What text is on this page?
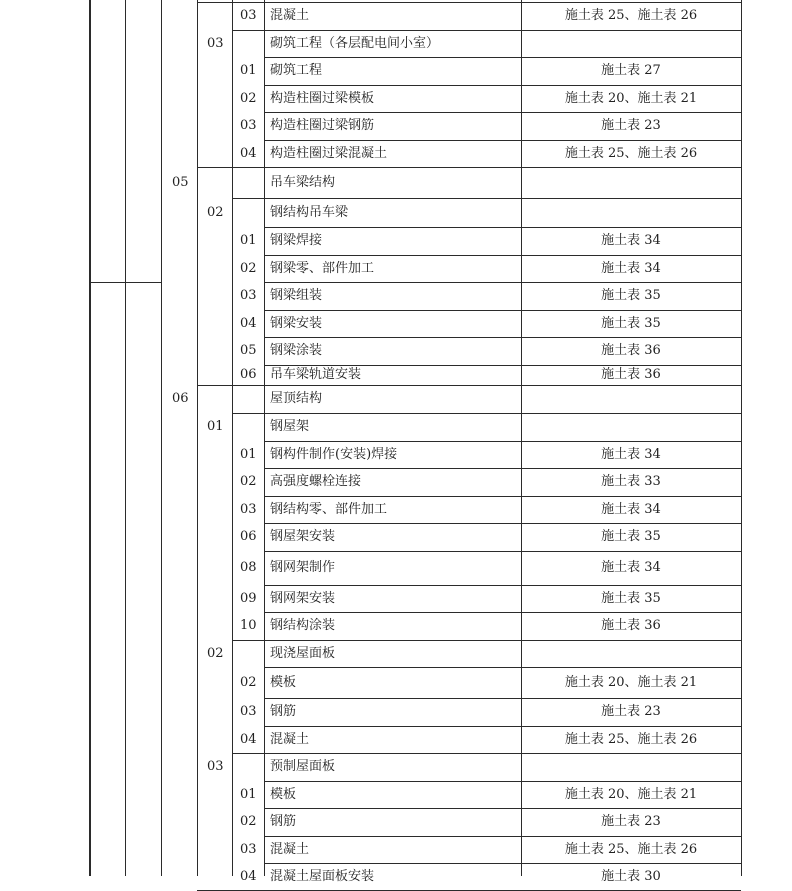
03 混凝土	施土表 25、施土表 26
03	砌筑工程（各层配电间小室）
01 砌筑工程	施土表 27
02 构造柱圈过梁模板	施土表 20、施土表 21
03 构造柱圈过梁钢筋	施土表 23
04 构造柱圈过梁混凝土	施土表 25、施土表 26
05	吊车梁结构
02	钢结构吊车梁
01 钢梁焊接	施土表 34
02 钢梁零、部件加工	施土表 34
03 钢梁组装	施土表 35
04 钢梁安装	施土表 35
05 钢梁涂装	施土表 36
06 吊车梁轨道安装	施土表 36
06	屋顶结构
01	钢屋架
01 钢构件制作(安装)焊接	施土表 34
02 高强度螺栓连接	施土表 33
03 钢结构零、部件加工	施土表 34
06 钢屋架安装	施土表 35
08 钢网架制作	施土表 34
09 钢网架安装	施土表 35
10 钢结构涂装	施土表 36
02	现浇屋面板
02 模板	施土表 20、施土表 21
03 钢筋	施土表 23
04 混凝土	施土表 25、施土表 26
03	预制屋面板
01 模板	施土表 20、施土表 21
02 钢筋	施土表 23
03 混凝土	施土表 25、施土表 26
04 混凝土屋面板安装	施土表 30
